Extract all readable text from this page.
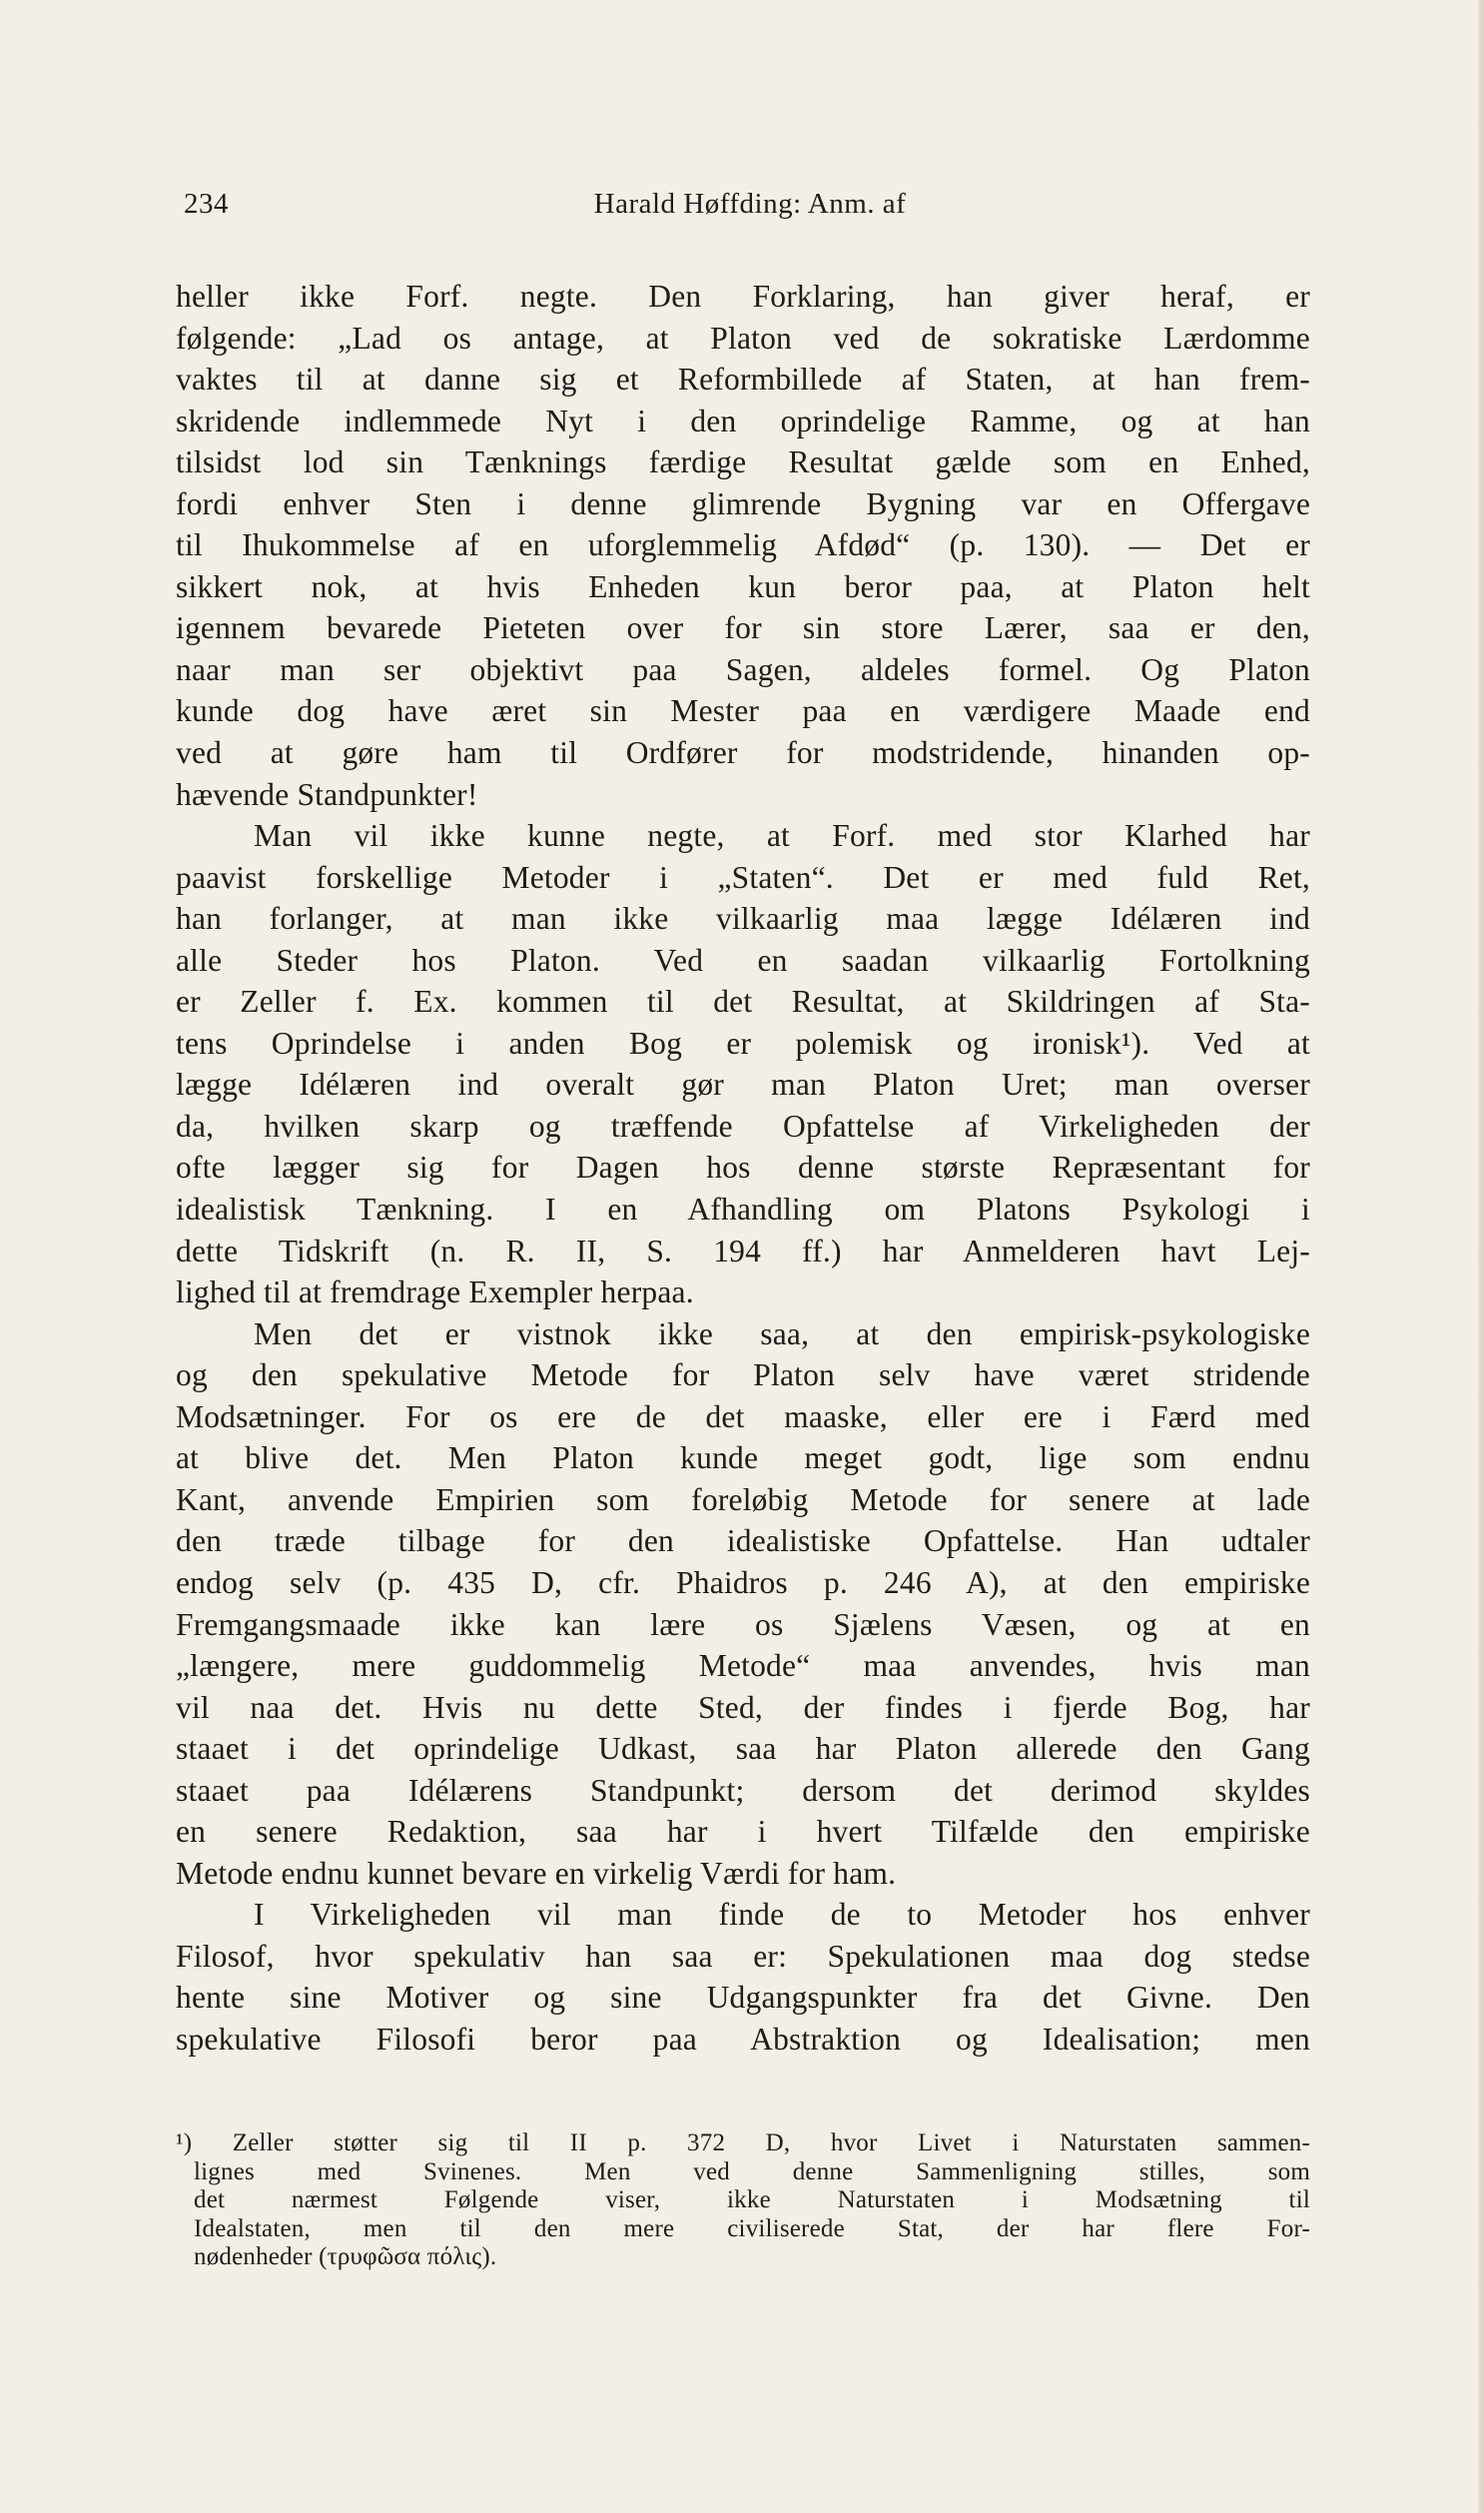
234	Harald Høffding: Anm. af
heller ikke Forf. negte. Den Forklaring, han giver heraf, er
følgende: „Lad os antage, at Platon ved de sokratiske Lærdomme
vaktes til at danne sig et Reformbillede af Staten, at han frem-
skridende indlemmede Nyt i den oprindelige Ramme, og at han
tilsidst lod sin Tænknings færdige Resultat gælde som en Enhed,
fordi enhver Sten i denne glimrende Bygning var en Offergave
til Ihukommelse af en uforglemmelig Afdød“ (p. 130). — Det er
sikkert nok, at hvis Enheden kun beror paa, at Platon helt
igennem bevarede Pieteten over for sin store Lærer, saa er den,
naar man ser objektivt paa Sagen, aldeles formel. Og Platon
kunde dog have æret sin Mester paa en værdigere Maade end
ved at gøre ham til Ordfører for modstridende, hinanden op-
hævende Standpunkter!
Man vil ikke kunne negte, at Forf. med stor Klarhed har
paavist forskellige Metoder i „Staten“. Det er med fuld Ret,
han forlanger, at man ikke vilkaarlig maa lægge Idélæren ind
alle Steder hos Platon. Ved en saadan vilkaarlig Fortolkning
er Zeller f. Ex. kommen til det Resultat, at Skildringen af Sta-
tens Oprindelse i anden Bog er polemisk og ironisk¹). Ved at
lægge Idélæren ind overalt gør man Platon Uret; man overser
da, hvilken skarp og træffende Opfattelse af Virkeligheden der
ofte lægger sig for Dagen hos denne største Repræsentant for
idealistisk Tænkning. I en Afhandling om Platons Psykologi i
dette Tidskrift (n. R. II, S. 194 ff.) har Anmelderen havt Lej-
lighed til at fremdrage Exempler herpaa.
Men det er vistnok ikke saa, at den empirisk-psykologiske
og den spekulative Metode for Platon selv have været stridende
Modsætninger. For os ere de det maaske, eller ere i Færd med
at blive det. Men Platon kunde meget godt, lige som endnu
Kant, anvende Empirien som foreløbig Metode for senere at lade
den træde tilbage for den idealistiske Opfattelse. Han udtaler
endog selv (p. 435 D, cfr. Phaidros p. 246 A), at den empiriske
Fremgangsmaade ikke kan lære os Sjælens Væsen, og at en
„længere, mere guddommelig Metode“ maa anvendes, hvis man
vil naa det. Hvis nu dette Sted, der findes i fjerde Bog, har
staaet i det oprindelige Udkast, saa har Platon allerede den Gang
staaet paa Idélærens Standpunkt; dersom det derimod skyldes
en senere Redaktion, saa har i hvert Tilfælde den empiriske
Metode endnu kunnet bevare en virkelig Værdi for ham.
I Virkeligheden vil man finde de to Metoder hos enhver
Filosof, hvor spekulativ han saa er: Spekulationen maa dog stedse
hente sine Motiver og sine Udgangspunkter fra det Givne. Den
spekulative Filosofi beror paa Abstraktion og Idealisation; men
¹) Zeller støtter sig til II p. 372 D, hvor Livet i Naturstaten sammen-
lignes med Svinenes. Men ved denne Sammenligning stilles, som
det nærmest Følgende viser, ikke Naturstaten i Modsætning til
Idealstaten, men til den mere civiliserede Stat, der har flere For-
nødenheder (τρυφῶσα πόλις).
